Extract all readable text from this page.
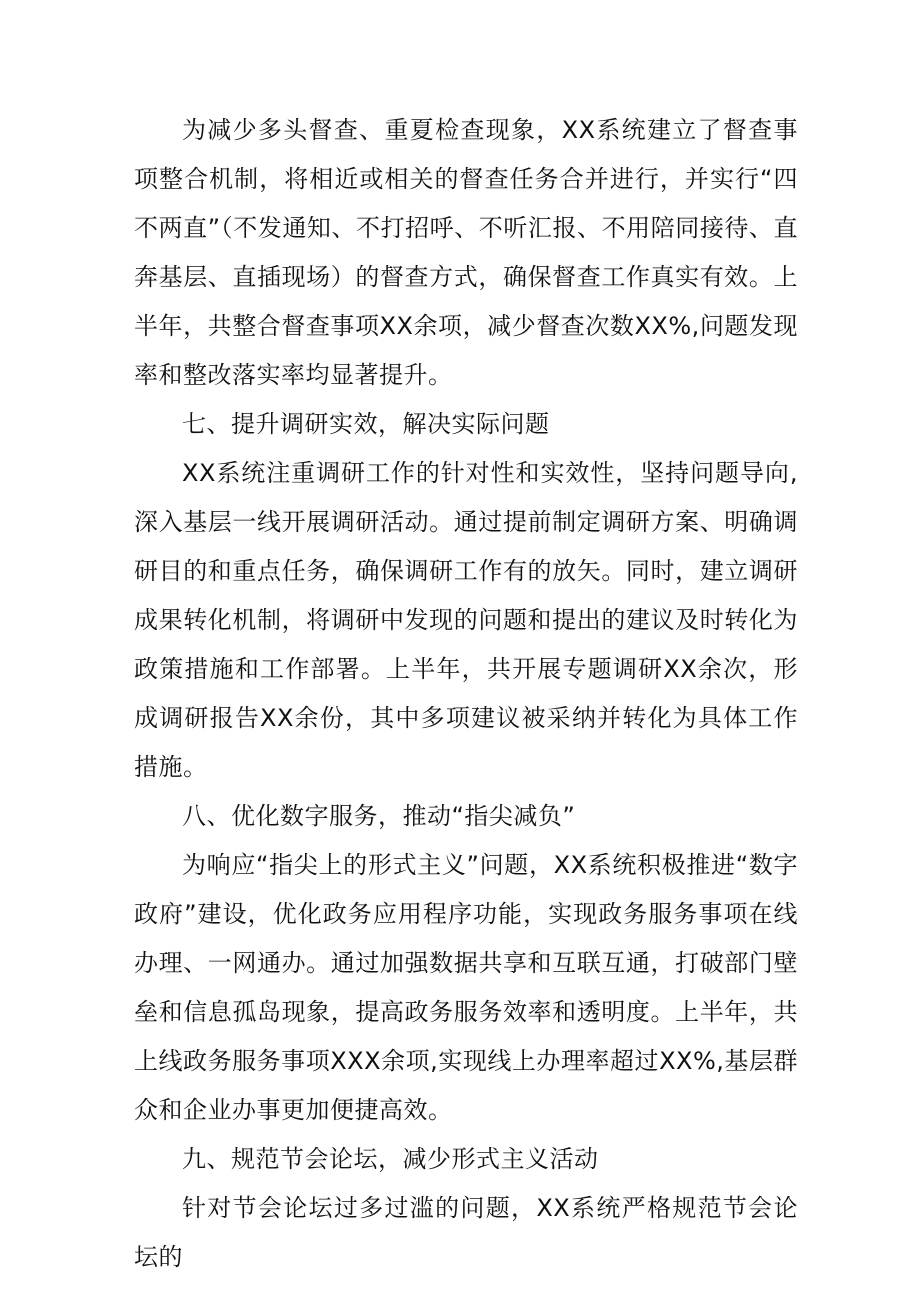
为减少多头督查、重夏检查现象，XX系统建立了督查事项整合机制，将相近或相关的督查任务合并进行，并实行“四不两直”（不发通知、不打招呼、不听汇报、不用陪同接待、直奔基层、直插现场）的督查方式，确保督查工作真实有效。上半年，共整合督查事项XX余项，减少督查次数XX%,问题发现率和整改落实率均显著提升。

七、提升调研实效，解决实际问题

XX系统注重调研工作的针对性和实效性，坚持问题导向,深入基层一线开展调研活动。通过提前制定调研方案、明确调研目的和重点任务，确保调研工作有的放矢。同时，建立调研成果转化机制，将调研中发现的问题和提出的建议及时转化为政策措施和工作部署。上半年，共开展专题调研XX余次，形成调研报告XX余份，其中多项建议被采纳并转化为具体工作措施。

八、优化数字服务，推动“指尖减负”

为响应“指尖上的形式主义”问题，XX系统积极推进“数字政府”建设，优化政务应用程序功能，实现政务服务事项在线办理、一网通办。通过加强数据共享和互联互通，打破部门壁垒和信息孤岛现象，提高政务服务效率和透明度。上半年，共上线政务服务事项XXX余项,实现线上办理率超过XX%,基层群众和企业办事更加便捷高效。

九、规范节会论坛，减少形式主义活动

针对节会论坛过多过滥的问题，XX系统严格规范节会论坛的
